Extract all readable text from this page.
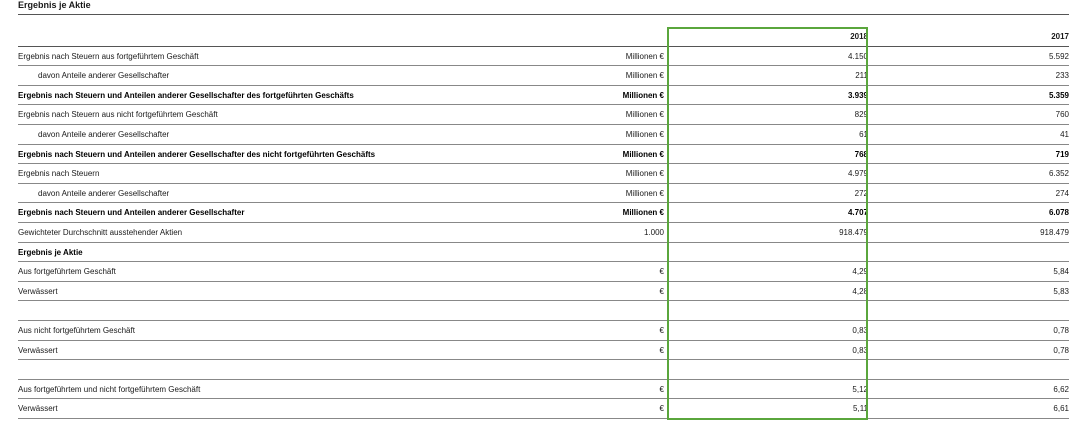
Ergebnis je Aktie
2018	2017
Ergebnis nach Steuern aus fortgeführtem Geschäft	Millionen €	4.150	5.592
davon Anteile anderer Gesellschafter	Millionen €	211	233
Ergebnis nach Steuern und Anteilen anderer Gesellschafter des fortgeführten Geschäfts	Millionen €	3.939	5.359
Ergebnis nach Steuern aus nicht fortgeführtem Geschäft	Millionen €	829	760
davon Anteile anderer Gesellschafter	Millionen €	61	41
Ergebnis nach Steuern und Anteilen anderer Gesellschafter des nicht fortgeführten Geschäfts	Millionen €	768	719
Ergebnis nach Steuern	Millionen €	4.979	6.352
davon Anteile anderer Gesellschafter	Millionen €	272	274
Ergebnis nach Steuern und Anteilen anderer Gesellschafter	Millionen €	4.707	6.078
Gewichteter Durchschnitt ausstehender Aktien	1.000	918.479	918.479
Ergebnis je Aktie
Aus fortgeführtem Geschäft	€	4,29	5,84
Verwässert	€	4,28	5,83
Aus nicht fortgeführtem Geschäft	€	0,83	0,78
Verwässert	€	0,83	0,78
Aus fortgeführtem und nicht fortgeführtem Geschäft	€	5,12	6,62
Verwässert	€	5,11	6,61
